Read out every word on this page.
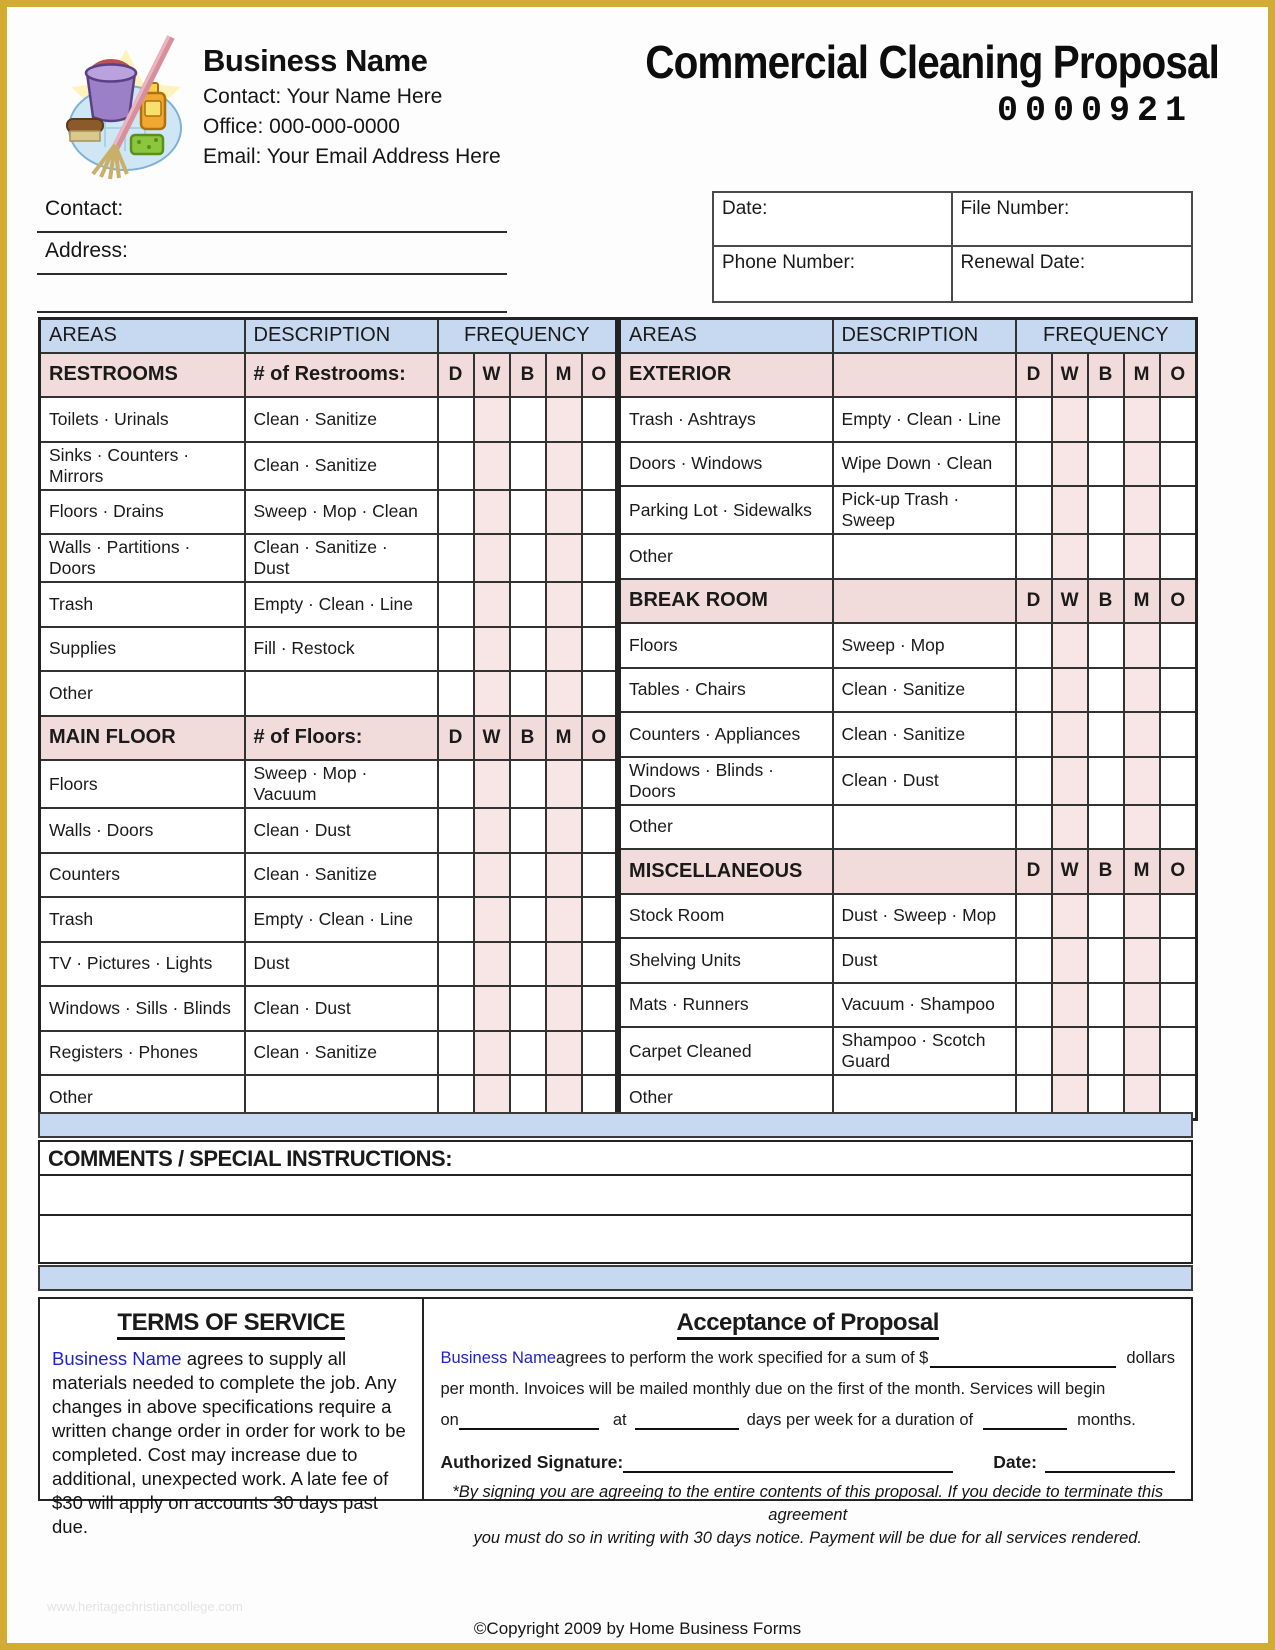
Business Name
Contact: Your Name Here
Office: 000-000-0000
Email: Your Email Address Here
Commercial Cleaning Proposal
0000921
Contact:
Address:
Date:	File Number:
Phone Number:	Renewal Date:
AREAS	DESCRIPTION	FREQUENCY				
RESTROOMS	# of Restrooms:	D	W	B	M	O
Toilets · Urinals	Clean · Sanitize					
Sinks · Counters · Mirrors	Clean · Sanitize					
Floors · Drains	Sweep · Mop · Clean					
Walls · Partitions · Doors	Clean · Sanitize · Dust					
Trash	Empty · Clean · Line					
Supplies	Fill · Restock					
Other						
MAIN FLOOR	# of Floors:	D	W	B	M	O
Floors	Sweep · Mop · Vacuum					
Walls · Doors	Clean · Dust					
Counters	Clean · Sanitize					
Trash	Empty · Clean · Line					
TV · Pictures · Lights	Dust					
Windows · Sills · Blinds	Clean · Dust					
Registers · Phones	Clean · Sanitize					
Other						
AREAS	DESCRIPTION	FREQUENCY				
EXTERIOR		D	W	B	M	O
Trash · Ashtrays	Empty · Clean · Line					
Doors · Windows	Wipe Down · Clean					
Parking Lot · Sidewalks	Pick-up Trash · Sweep					
Other						
BREAK ROOM		D	W	B	M	O
Floors	Sweep · Mop					
Tables · Chairs	Clean · Sanitize					
Counters · Appliances	Clean · Sanitize					
Windows · Blinds · Doors	Clean · Dust					
Other						
MISCELLANEOUS		D	W	B	M	O
Stock Room	Dust · Sweep · Mop					
Shelving Units	Dust					
Mats · Runners	Vacuum · Shampoo					
Carpet Cleaned	Shampoo · Scotch Guard					
Other						
COMMENTS / SPECIAL INSTRUCTIONS:
TERMS OF SERVICE
Business Name agrees to supply all materials needed to complete the job. Any changes in above specifications require a written change order in order for work to be completed. Cost may increase due to additional, unexpected work. A late fee of $30 will apply on accounts 30 days past due.
Acceptance of Proposal
Business Name agrees to perform the work specified for a sum of $	dollars
per month. Invoices will be mailed monthly due on the first of the month. Services will begin
on	at	days per week for a duration of	months.
Authorized Signature:	Date:
*By signing you are agreeing to the entire contents of this proposal. If you decide to terminate this agreement
you must do so in writing with 30 days notice. Payment will be due for all services rendered.
www.heritagechristiancollege.com
©Copyright 2009 by Home Business Forms
